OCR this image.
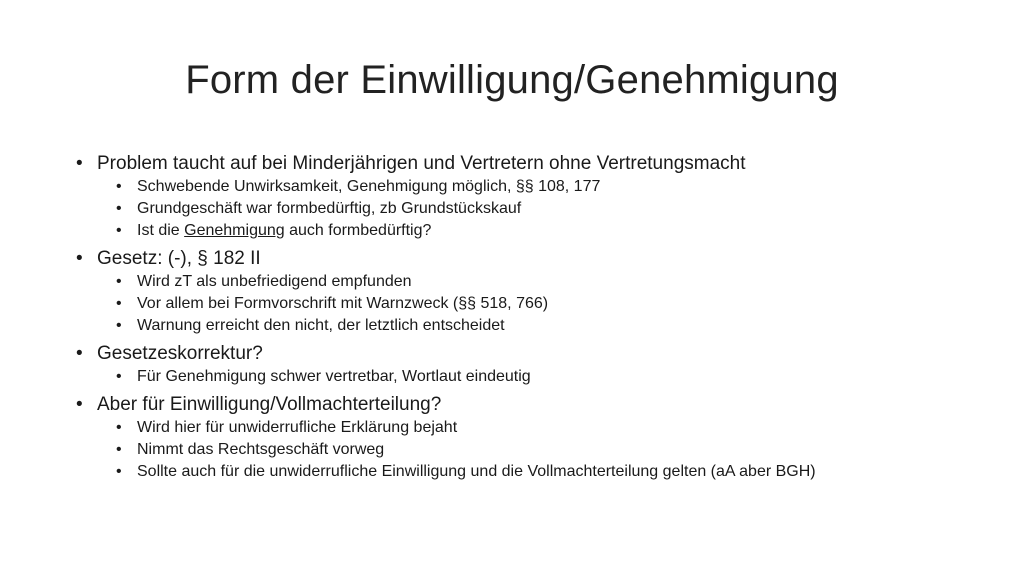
Form der Einwilligung/Genehmigung
• Problem taucht auf bei Minderjährigen und Vertretern ohne Vertretungsmacht
• Schwebende Unwirksamkeit, Genehmigung möglich, §§ 108, 177
• Grundgeschäft war formbedürftig, zb Grundstückskauf
• Ist die Genehmigung auch formbedürftig?
• Gesetz: (-), § 182 II
• Wird zT als unbefriedigend empfunden
• Vor allem bei Formvorschrift mit Warnzweck (§§ 518, 766)
• Warnung erreicht den nicht, der letztlich entscheidet
• Gesetzeskorrektur?
• Für Genehmigung schwer vertretbar, Wortlaut eindeutig
• Aber für Einwilligung/Vollmachterteilung?
• Wird hier für unwiderrufliche Erklärung bejaht
• Nimmt das Rechtsgeschäft vorweg
• Sollte auch für die unwiderrufliche Einwilligung und die Vollmachterteilung gelten (aA aber BGH)
